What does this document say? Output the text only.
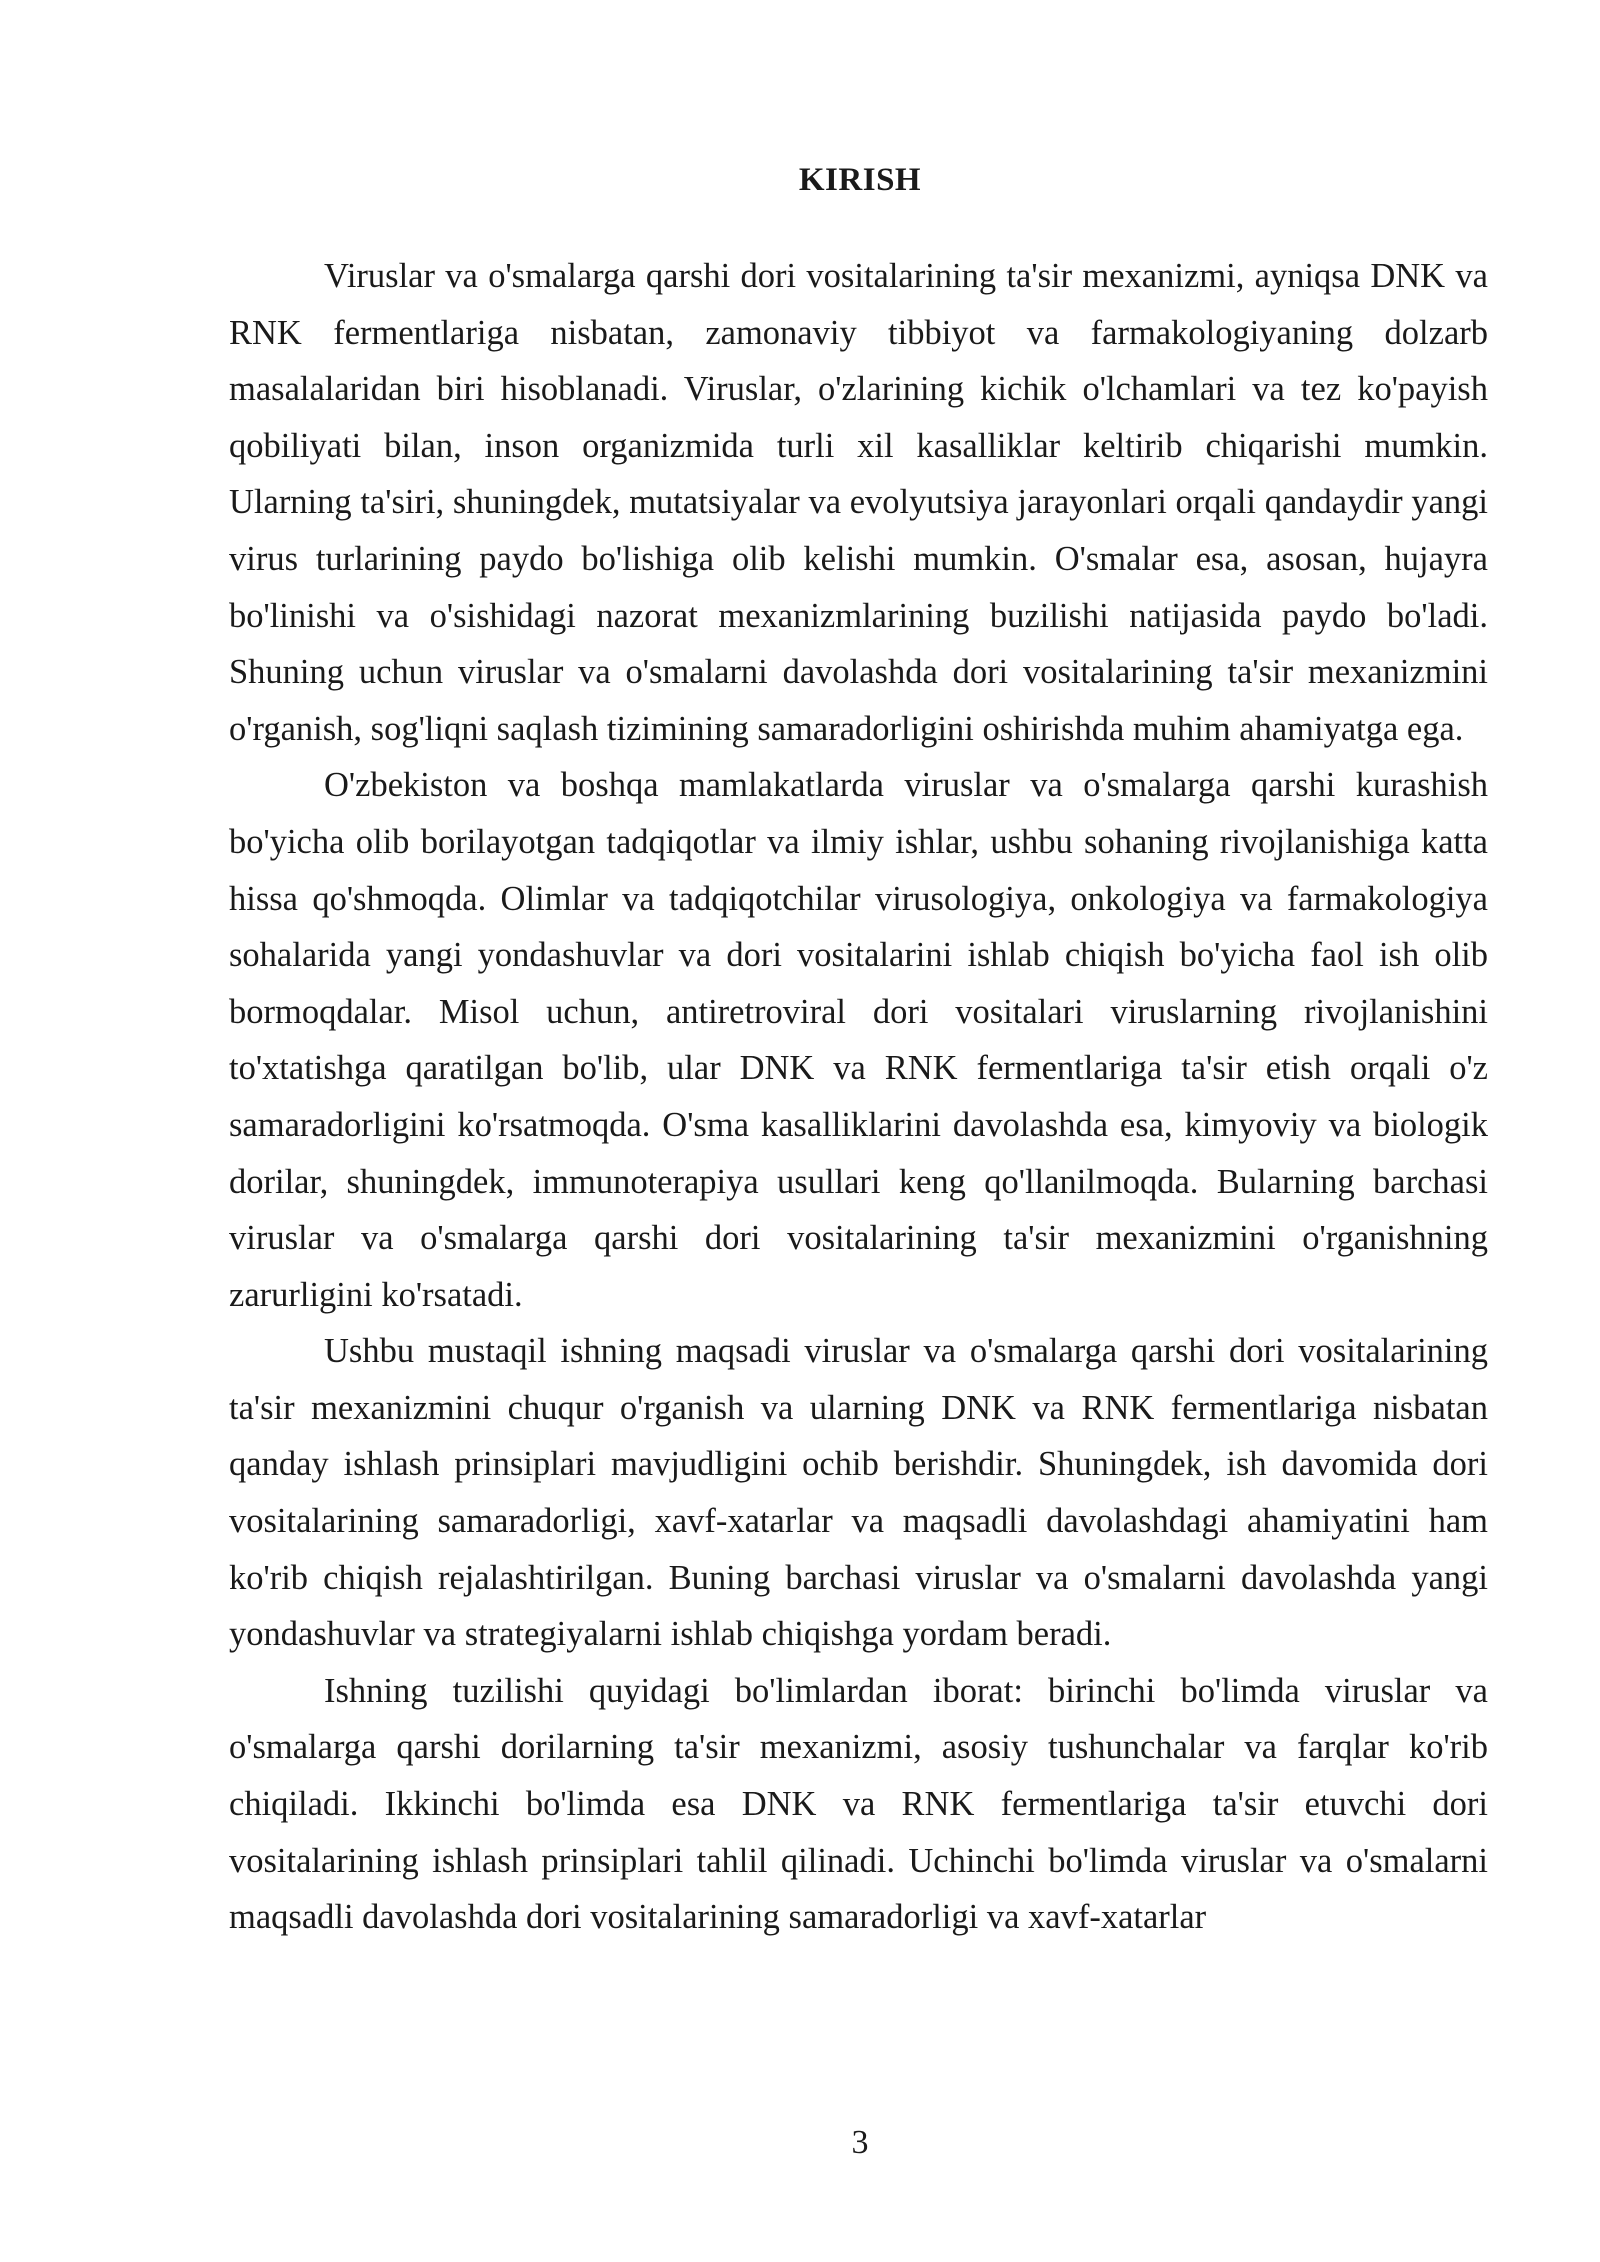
KIRISH

Viruslar va o'smalarga qarshi dori vositalarining ta'sir mexanizmi, ayniqsa DNK va RNK fermentlariga nisbatan, zamonaviy tibbiyot va farmakologiyaning dolzarb masalalaridan biri hisoblanadi. Viruslar, o'zlarining kichik o'lchamlari va tez ko'payish qobiliyati bilan, inson organizmida turli xil kasalliklar keltirib chiqarishi mumkin. Ularning ta'siri, shuningdek, mutatsiyalar va evolyutsiya jarayonlari orqali qandaydir yangi virus turlarining paydo bo'lishiga olib kelishi mumkin. O'smalar esa, asosan, hujayra bo'linishi va o'sishidagi nazorat mexanizmlarining buzilishi natijasida paydo bo'ladi. Shuning uchun viruslar va o'smalarni davolashda dori vositalarining ta'sir mexanizmini o'rganish, sog'liqni saqlash tizimining samaradorligini oshirishda muhim ahamiyatga ega.

O'zbekiston va boshqa mamlakatlarda viruslar va o'smalarga qarshi kurashish bo'yicha olib borilayotgan tadqiqotlar va ilmiy ishlar, ushbu sohaning rivojlanishiga katta hissa qo'shmoqda. Olimlar va tadqiqotchilar virusologiya, onkologiya va farmakologiya sohalarida yangi yondashuvlar va dori vositalarini ishlab chiqish bo'yicha faol ish olib bormoqdalar. Misol uchun, antiretroviral dori vositalari viruslarning rivojlanishini to'xtatishga qaratilgan bo'lib, ular DNK va RNK fermentlariga ta'sir etish orqali o'z samaradorligini ko'rsatmoqda. O'sma kasalliklarini davolashda esa, kimyoviy va biologik dorilar, shuningdek, immunoterapiya usullari keng qo'llanilmoqda. Bularning barchasi viruslar va o'smalarga qarshi dori vositalarining ta'sir mexanizmini o'rganishning zarurligini ko'rsatadi.

Ushbu mustaqil ishning maqsadi viruslar va o'smalarga qarshi dori vositalarining ta'sir mexanizmini chuqur o'rganish va ularning DNK va RNK fermentlariga nisbatan qanday ishlash prinsiplari mavjudligini ochib berishdir. Shuningdek, ish davomida dori vositalarining samaradorligi, xavf-xatarlar va maqsadli davolashdagi ahamiyatini ham ko'rib chiqish rejalashtirilgan. Buning barchasi viruslar va o'smalarni davolashda yangi yondashuvlar va strategiyalarni ishlab chiqishga yordam beradi.

Ishning tuzilishi quyidagi bo'limlardan iborat: birinchi bo'limda viruslar va o'smalarga qarshi dorilarning ta'sir mexanizmi, asosiy tushunchalar va farqlar ko'rib chiqiladi. Ikkinchi bo'limda esa DNK va RNK fermentlariga ta'sir etuvchi dori vositalarining ishlash prinsiplari tahlil qilinadi. Uchinchi bo'limda viruslar va o'smalarni maqsadli davolashda dori vositalarining samaradorligi va xavf-xatarlar

3
